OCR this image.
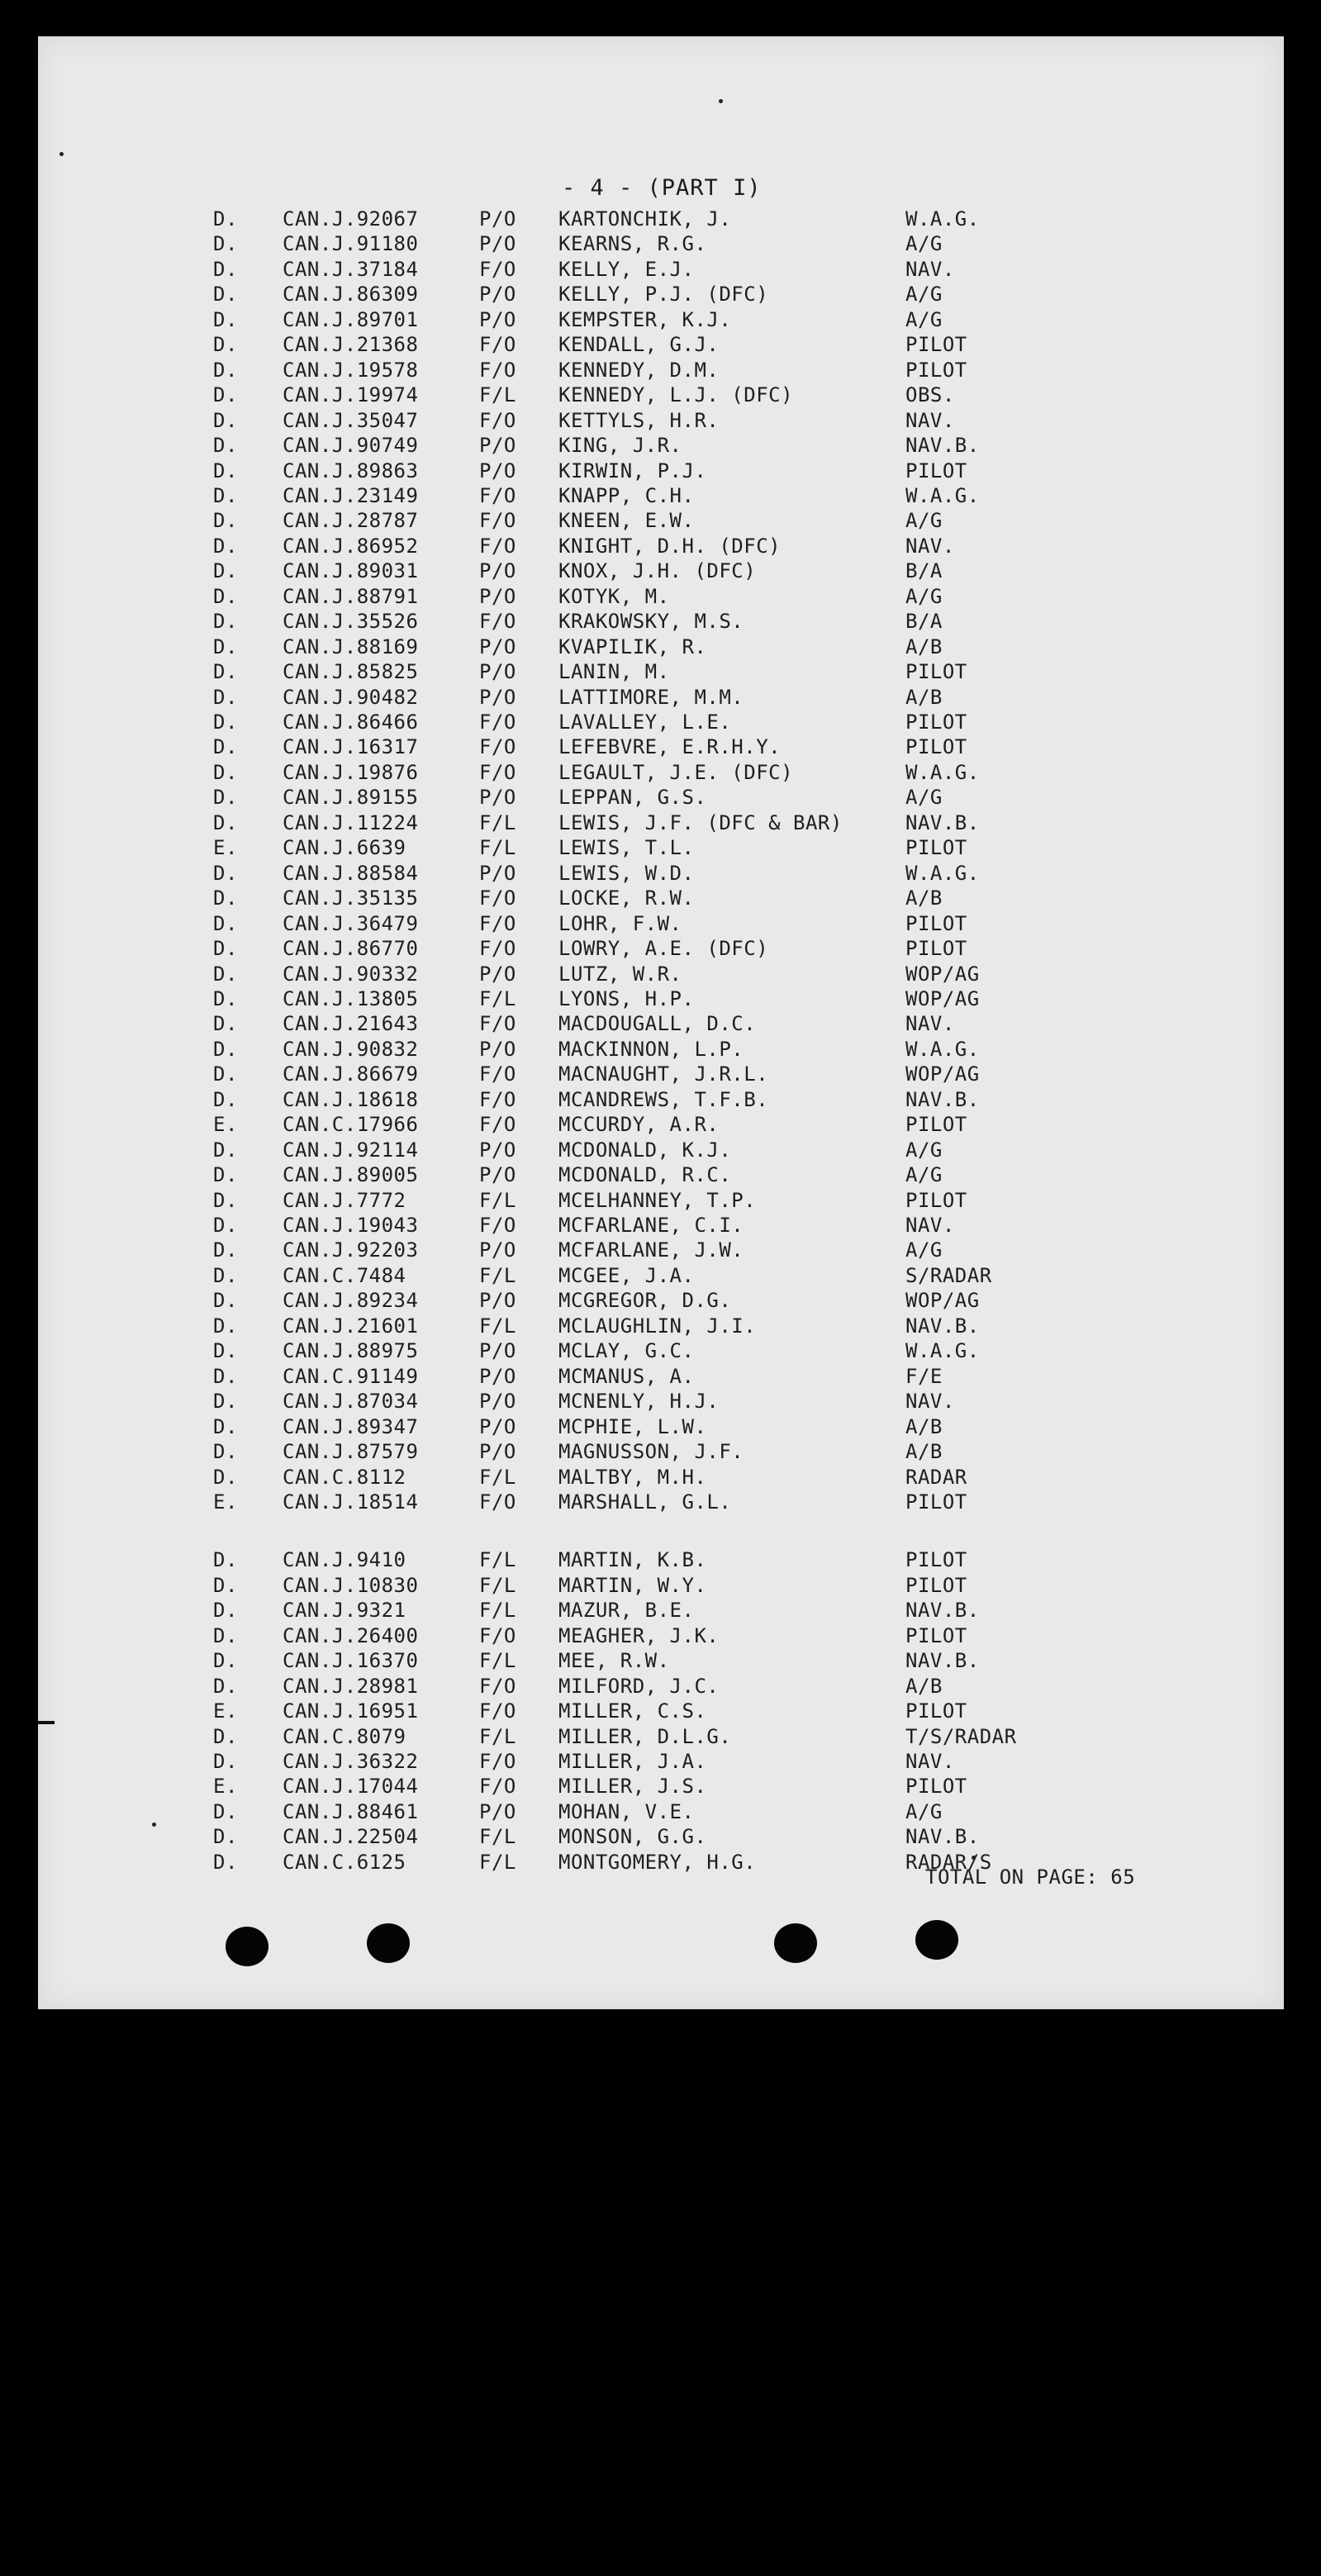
- 4 - (PART I)
D. CAN.J.92067	P/O KARTONCHIK, J.	W.A.G.
D. CAN.J.91180	P/O KEARNS, R.G.	A/G
D. CAN.J.37184	F/O KELLY, E.J.	NAV.
D. CAN.J.86309	P/O KELLY, P.J. (DFC)	A/G
D. CAN.J.89701	P/O KEMPSTER, K.J.	A/G
D. CAN.J.21368	F/O KENDALL, G.J.	PILOT
D. CAN.J.19578	F/O KENNEDY, D.M.	PILOT
D. CAN.J.19974	F/L KENNEDY, L.J. (DFC)	OBS.
D. CAN.J.35047	F/O KETTYLS, H.R.	NAV.
D. CAN.J.90749	P/O KING, J.R.	NAV.B.
D. CAN.J.89863	P/O KIRWIN, P.J.	PILOT
D. CAN.J.23149	F/O KNAPP, C.H.	W.A.G.
D. CAN.J.28787	F/O KNEEN, E.W.	A/G
D. CAN.J.86952	F/O KNIGHT, D.H. (DFC)	NAV.
D. CAN.J.89031	P/O KNOX, J.H. (DFC)	B/A
D. CAN.J.88791	P/O KOTYK, M.	A/G
D. CAN.J.35526	F/O KRAKOWSKY, M.S.	B/A
D. CAN.J.88169	P/O KVAPILIK, R.	A/B
D. CAN.J.85825	P/O LANIN, M.	PILOT
D. CAN.J.90482	P/O LATTIMORE, M.M.	A/B
D. CAN.J.86466	F/O LAVALLEY, L.E.	PILOT
D. CAN.J.16317	F/O LEFEBVRE, E.R.H.Y.	PILOT
D. CAN.J.19876	F/O LEGAULT, J.E. (DFC)	W.A.G.
D. CAN.J.89155	P/O LEPPAN, G.S.	A/G
D. CAN.J.11224	F/L LEWIS, J.F. (DFC & BAR)	NAV.B.
E. CAN.J.6639	F/L LEWIS, T.L.	PILOT
D. CAN.J.88584	P/O LEWIS, W.D.	W.A.G.
D. CAN.J.35135	F/O LOCKE, R.W.	A/B
D. CAN.J.36479	F/O LOHR, F.W.	PILOT
D. CAN.J.86770	F/O LOWRY, A.E. (DFC)	PILOT
D. CAN.J.90332	P/O LUTZ, W.R.	WOP/AG
D. CAN.J.13805	F/L LYONS, H.P.	WOP/AG
D. CAN.J.21643	F/O MACDOUGALL, D.C.	NAV.
D. CAN.J.90832	P/O MACKINNON, L.P.	W.A.G.
D. CAN.J.86679	F/O MACNAUGHT, J.R.L.	WOP/AG
D. CAN.J.18618	F/O MCANDREWS, T.F.B.	NAV.B.
E. CAN.C.17966	F/O MCCURDY, A.R.	PILOT
D. CAN.J.92114	P/O MCDONALD, K.J.	A/G
D. CAN.J.89005	P/O MCDONALD, R.C.	A/G
D. CAN.J.7772	F/L MCELHANNEY, T.P.	PILOT
D. CAN.J.19043	F/O MCFARLANE, C.I.	NAV.
D. CAN.J.92203	P/O MCFARLANE, J.W.	A/G
D. CAN.C.7484	F/L MCGEE, J.A.	S/RADAR
D. CAN.J.89234	P/O MCGREGOR, D.G.	WOP/AG
D. CAN.J.21601	F/L MCLAUGHLIN, J.I.	NAV.B.
D. CAN.J.88975	P/O MCLAY, G.C.	W.A.G.
D. CAN.C.91149	P/O MCMANUS, A.	F/E
D. CAN.J.87034	P/O MCNENLY, H.J.	NAV.
D. CAN.J.89347	P/O MCPHIE, L.W.	A/B
D. CAN.J.87579	P/O MAGNUSSON, J.F.	A/B
D. CAN.C.8112	F/L MALTBY, M.H.	RADAR
E. CAN.J.18514	F/O MARSHALL, G.L.	PILOT
D. CAN.J.9410	F/L MARTIN, K.B.	PILOT
D. CAN.J.10830	F/L MARTIN, W.Y.	PILOT
D. CAN.J.9321	F/L MAZUR, B.E.	NAV.B.
D. CAN.J.26400	F/O MEAGHER, J.K.	PILOT
D. CAN.J.16370	F/L MEE, R.W.	NAV.B.
D. CAN.J.28981	F/O MILFORD, J.C.	A/B
E. CAN.J.16951	F/O MILLER, C.S.	PILOT
D. CAN.C.8079	F/L MILLER, D.L.G.	T/S/RADAR
D. CAN.J.36322	F/O MILLER, J.A.	NAV.
E. CAN.J.17044	F/O MILLER, J.S.	PILOT
D. CAN.J.88461	P/O MOHAN, V.E.	A/G
D. CAN.J.22504	F/L MONSON, G.G.	NAV.B.
D. CAN.C.6125	F/L MONTGOMERY, H.G.	RADAR/S
TOTAL ON PAGE: 65
